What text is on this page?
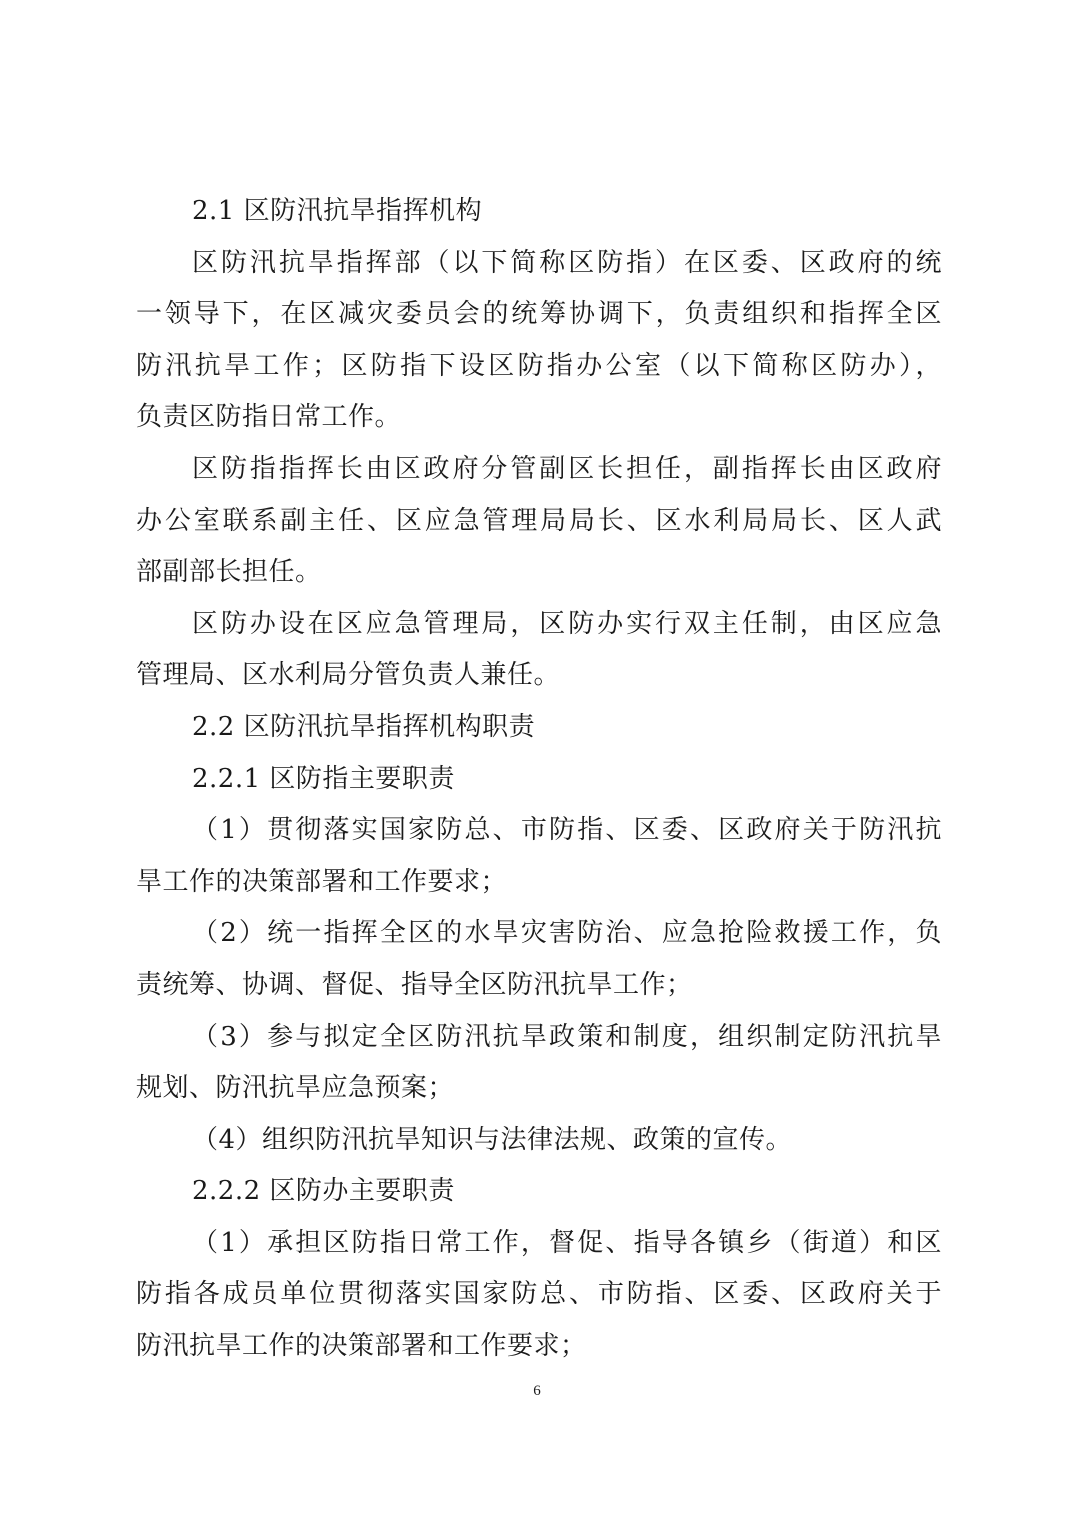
2.1 区防汛抗旱指挥机构
区防汛抗旱指挥部（以下简称区防指）在区委、区政府的统
一领导下，在区减灾委员会的统筹协调下，负责组织和指挥全区
防汛抗旱工作；区防指下设区防指办公室（以下简称区防办），
负责区防指日常工作。
区防指指挥长由区政府分管副区长担任，副指挥长由区政府
办公室联系副主任、区应急管理局局长、区水利局局长、区人武
部副部长担任。
区防办设在区应急管理局，区防办实行双主任制，由区应急
管理局、区水利局分管负责人兼任。
2.2 区防汛抗旱指挥机构职责
2.2.1 区防指主要职责
（1）贯彻落实国家防总、市防指、区委、区政府关于防汛抗
旱工作的决策部署和工作要求；
（2）统一指挥全区的水旱灾害防治、应急抢险救援工作，负
责统筹、协调、督促、指导全区防汛抗旱工作；
（3）参与拟定全区防汛抗旱政策和制度，组织制定防汛抗旱
规划、防汛抗旱应急预案；
（4）组织防汛抗旱知识与法律法规、政策的宣传。
2.2.2 区防办主要职责
（1）承担区防指日常工作，督促、指导各镇乡（街道）和区
防指各成员单位贯彻落实国家防总、市防指、区委、区政府关于
防汛抗旱工作的决策部署和工作要求；
6
